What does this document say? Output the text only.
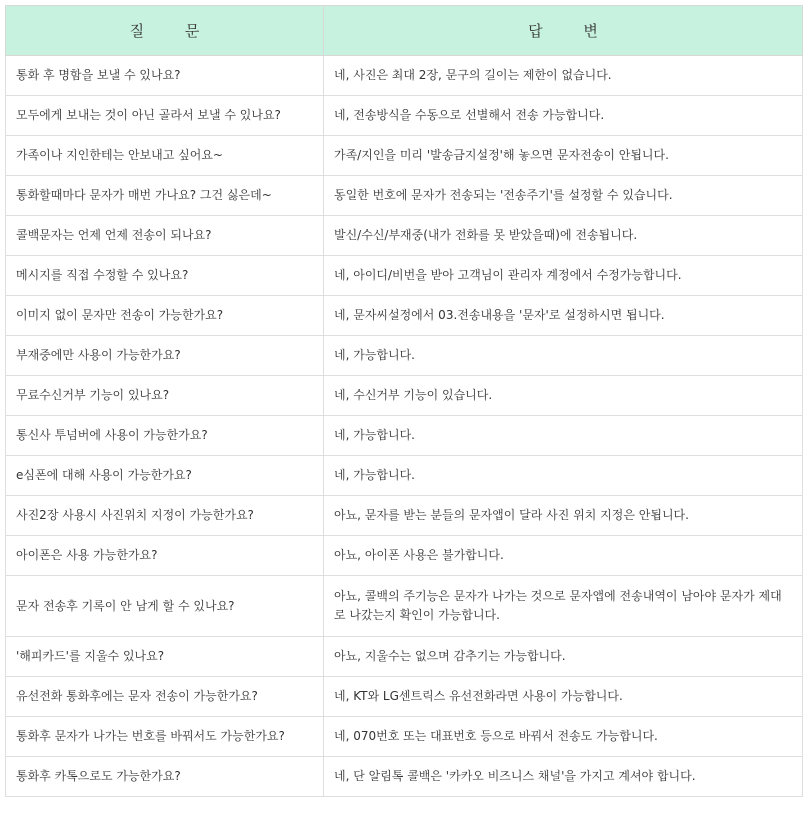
질 문	답 변
통화 후 명함을 보낼 수 있나요?	네, 사진은 최대 2장, 문구의 길이는 제한이 없습니다.
모두에게 보내는 것이 아닌 골라서 보낼 수 있나요?	네, 전송방식을 수동으로 선별해서 전송 가능합니다.
가족이나 지인한테는 안보내고 싶어요~	가족/지인을 미리 '발송금지설정'해 놓으면 문자전송이 안됩니다.
통화할때마다 문자가 매번 가나요? 그건 싫은데~	동일한 번호에 문자가 전송되는 '전송주기'를 설정할 수 있습니다.
콜백문자는 언제 언제 전송이 되나요?	발신/수신/부재중(내가 전화를 못 받았을때)에 전송됩니다.
메시지를 직접 수정할 수 있나요?	네, 아이디/비번을 받아 고객님이 관리자 계정에서 수정가능합니다.
이미지 없이 문자만 전송이 가능한가요?	네, 문자씨설정에서 03.전송내용을 '문자'로 설정하시면 됩니다.
부재중에만 사용이 가능한가요?	네, 가능합니다.
무료수신거부 기능이 있나요?	네, 수신거부 기능이 있습니다.
통신사 투넘버에 사용이 가능한가요?	네, 가능합니다.
e심폰에 대해 사용이 가능한가요?	네, 가능합니다.
사진2장 사용시 사진위치 지정이 가능한가요?	아뇨, 문자를 받는 분들의 문자앱이 달라 사진 위치 지정은 안됩니다.
아이폰은 사용 가능한가요?	아뇨, 아이폰 사용은 불가합니다.
문자 전송후 기록이 안 남게 할 수 있나요?	아뇨, 콜백의 주기능은 문자가 나가는 것으로 문자앱에 전송내역이 남아야 문자가 제대로 나갔는지 확인이 가능합니다.
'해피카드'를 지울수 있나요?	아뇨, 지울수는 없으며 감추기는 가능합니다.
유선전화 통화후에는 문자 전송이 가능한가요?	네, KT와 LG센트릭스 유선전화라면 사용이 가능합니다.
통화후 문자가 나가는 번호를 바꿔서도 가능한가요?	네, 070번호 또는 대표번호 등으로 바꿔서 전송도 가능합니다.
통화후 카톡으로도 가능한가요?	네, 단 알림톡 콜백은 '카카오 비즈니스 채널'을 가지고 계셔야 합니다.
